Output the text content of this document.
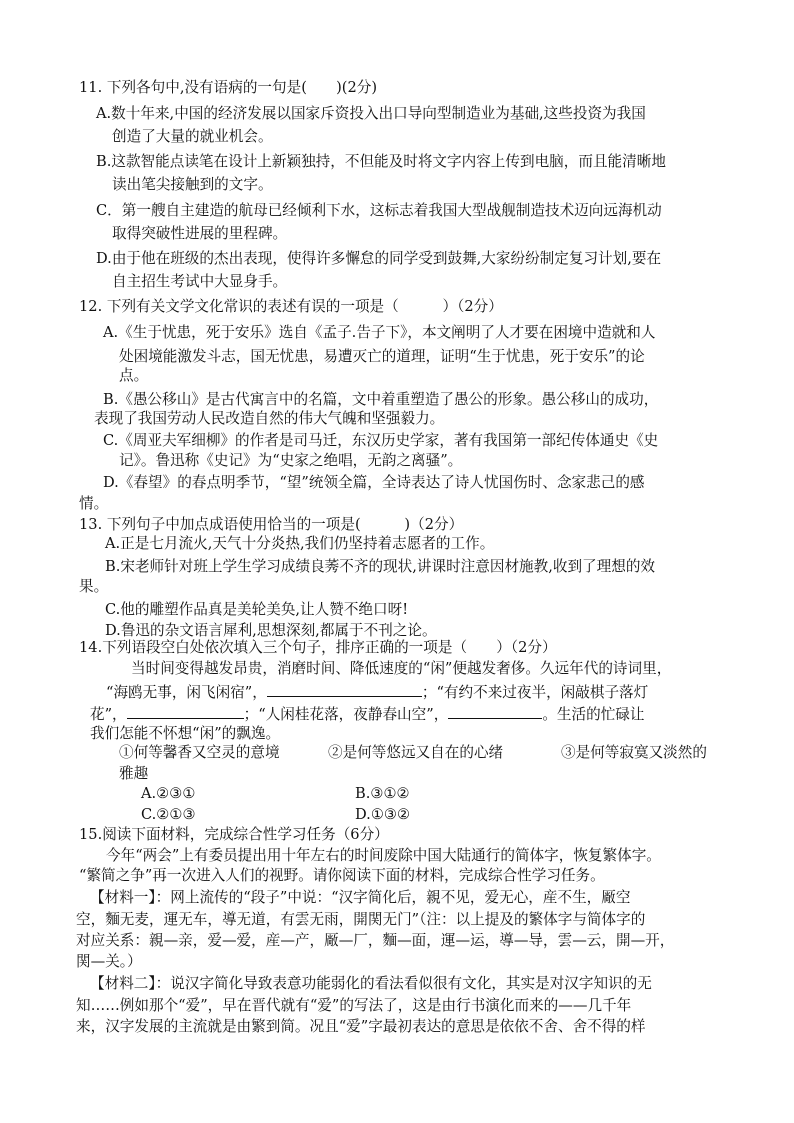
11. 下列各句中,没有语病的一句是(　　)(2分)
A.数十年来,中国的经济发展以国家斥资投入出口导向型制造业为基础,这些投资为我国
创造了大量的就业机会。
B.这款智能点读笔在设计上新颖独持，不但能及时将文字内容上传到电脑，而且能清晰地
读出笔尖接触到的文字。
C．第一艘自主建造的航母已经倾利下水，这标志着我国大型战舰制造技术迈向远海机动
取得突破性进展的里程碑。
D.由于他在班级的杰出表现，使得许多懈怠的同学受到鼓舞,大家纷纷制定复习计划,要在
自主招生考试中大显身手。
12. 下列有关文学文化常识的表述有误的一项是（　　　）（2分）
A.《生于忧患，死于安乐》选自《孟子.告子下》，本文阐明了人才要在困境中造就和人
处困境能激发斗志，国无忧患，易遭灭亡的道理，证明“生于忧患，死于安乐”的论
点。
B.《愚公移山》是古代寓言中的名篇，文中着重塑造了愚公的形象。愚公移山的成功，
表现了我国劳动人民改造自然的伟大气魄和坚强毅力。
C.《周亚夫军细柳》的作者是司马迁，东汉历史学家，著有我国第一部纪传体通史《史
记》。鲁迅称《史记》为“史家之绝唱，无韵之离骚”。
D.《春望》的春点明季节，“望”统领全篇，全诗表达了诗人忧国伤时、念家悲己的感
情。
13. 下列句子中加点成语使用恰当的一项是(　　　)（2分）
A.正是七月流火,天气十分炎热,我们仍坚持着志愿者的工作。
B.宋老师针对班上学生学习成绩良莠不齐的现状,讲课时注意因材施教,收到了理想的效
果。
C.他的雕塑作品真是美轮美奂,让人赞不绝口呀!
D.鲁迅的杂文语言犀利,思想深刻,都属于不刊之论。
14.下列语段空白处依次填入三个句子，排序正确的一项是（　　）（2分）
当时间变得越发昂贵，消磨时间、降低速度的“闲”便越发奢侈。久远年代的诗词里，
“海鸥无事，闲飞闲宿”，	；“有约不来过夜半，闲敲棋子落灯
花”，	；“人闲桂花落，夜静春山空”，	。生活的忙碌让
我们怎能不怀想“闲”的飘逸。
①何等馨香又空灵的意境	②是何等悠远又自在的心绪	③是何等寂寞又淡然的
雅趣
A.②③①	B.③①②
C.②①③	D.①③②
15.阅读下面材料，完成综合性学习任务（6分）
今年“两会”上有委员提出用十年左右的时间废除中国大陆通行的简体字，恢复繁体字。
“繁简之争”再一次进入人们的视野。请你阅读下面的材料，完成综合性学习任务。
【材料一】：网上流传的“段子”中说：“汉字简化后，親不见，爱无心，産不生，厰空
空，麵无麦，運无车，導无道，有雲无雨，開関无门”（注：以上提及的繁体字与简体字的
对应关系：親—亲，爱—爱，産—产，厰—厂，麵—面，運—运，導—导，雲—云，開—开，
関—关。）
【材料二】：说汉字简化导致表意功能弱化的看法看似很有文化，其实是对汉字知识的无
知……例如那个“爱”，早在晋代就有“爱”的写法了，这是由行书演化而来的——几千年
来，汉字发展的主流就是由繁到简。况且“爱”字最初表达的意思是依依不舍、舍不得的样
